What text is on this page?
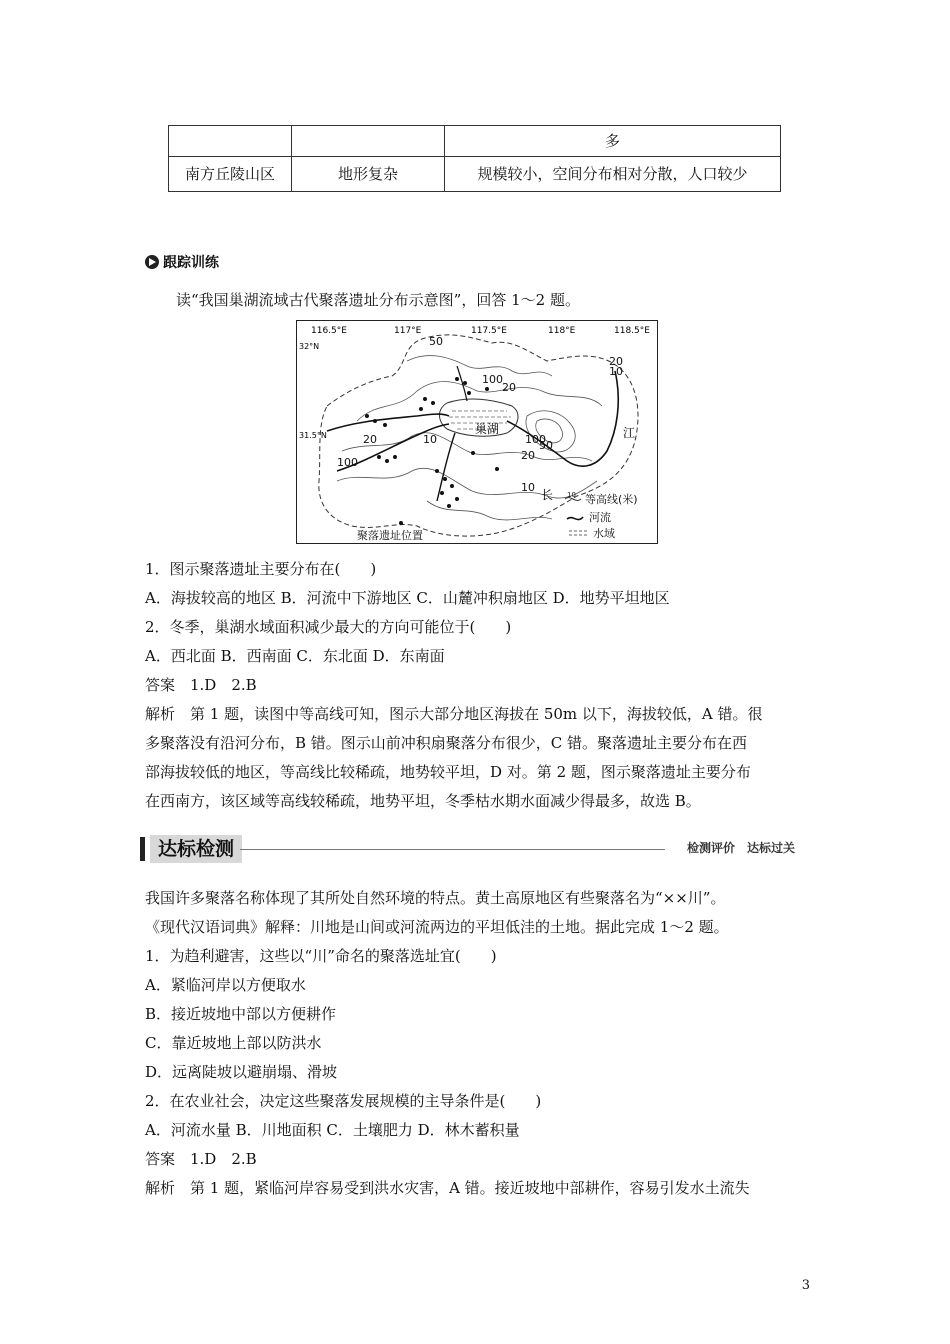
		多
南方丘陵山区	地形复杂	规模较小，空间分布相对分散，人口较少
跟踪训练
读“我国巢湖流域古代聚落遗址分布示意图”，回答 1～2 题。
116.5°E	117°E	117.5°E	118°E	118.5°E
32°N
31.5°N
50
100
20	10
20
100
50
100
20
10
10
20
巢湖	江
长 10 等高线(米)
河流
水域
聚落遗址位置
1．图示聚落遗址主要分布在(　　)
A．海拔较高的地区 B．河流中下游地区 C．山麓冲积扇地区 D．地势平坦地区
2．冬季，巢湖水域面积减少最大的方向可能位于(　　)
A．西北面 B．西南面 C．东北面 D．东南面
答案　1.D　2.B
解析　第 1 题，读图中等高线可知，图示大部分地区海拔在 50m 以下，海拔较低，A 错。很
多聚落没有沿河分布，B 错。图示山前冲积扇聚落分布很少，C 错。聚落遗址主要分布在西
部海拔较低的地区，等高线比较稀疏，地势较平坦，D 对。第 2 题，图示聚落遗址主要分布
在西南方，该区域等高线较稀疏，地势平坦，冬季枯水期水面减少得最多，故选 B。
达标检测	检测评价　达标过关
我国许多聚落名称体现了其所处自然环境的特点。黄土高原地区有些聚落名为“××川”。
《现代汉语词典》解释：川地是山间或河流两边的平坦低洼的土地。据此完成 1～2 题。
1．为趋利避害，这些以“川”命名的聚落选址宜(　　)
A．紧临河岸以方便取水
B．接近坡地中部以方便耕作
C．靠近坡地上部以防洪水
D．远离陡坡以避崩塌、滑坡
2．在农业社会，决定这些聚落发展规模的主导条件是(　　)
A．河流水量 B．川地面积 C．土壤肥力 D．林木蓄积量
答案　1.D　2.B
解析　第 1 题，紧临河岸容易受到洪水灾害，A 错。接近坡地中部耕作，容易引发水土流失
3
